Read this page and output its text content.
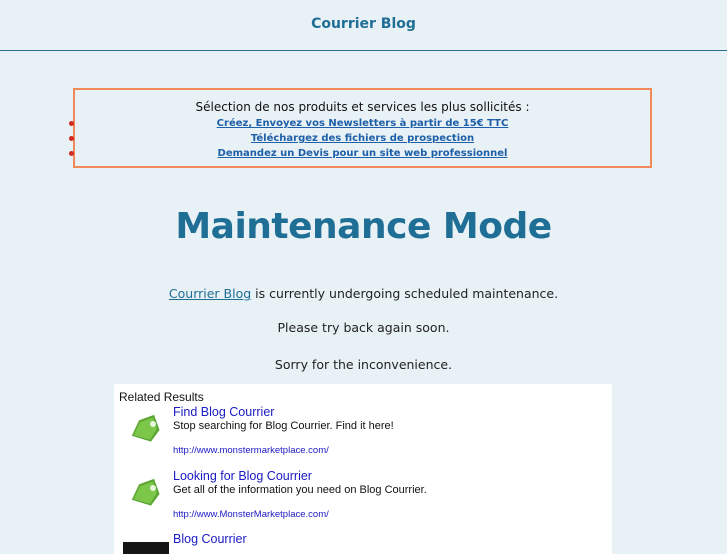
Courrier Blog
Sélection de nos produits et services les plus sollicités :
Créez, Envoyez vos Newsletters à partir de 15€ TTC
Téléchargez des fichiers de prospection
Demandez un Devis pour un site web professionnel
Maintenance Mode
Courrier Blog is currently undergoing scheduled maintenance.
Please try back again soon.
Sorry for the inconvenience.
Related Results
Find Blog Courrier
Stop searching for Blog Courrier. Find it here!
http://www.monstermarketplace.com/
Looking for Blog Courrier
Get all of the information you need on Blog Courrier.
http://www.MonsterMarketplace.com/
Blog Courrier
